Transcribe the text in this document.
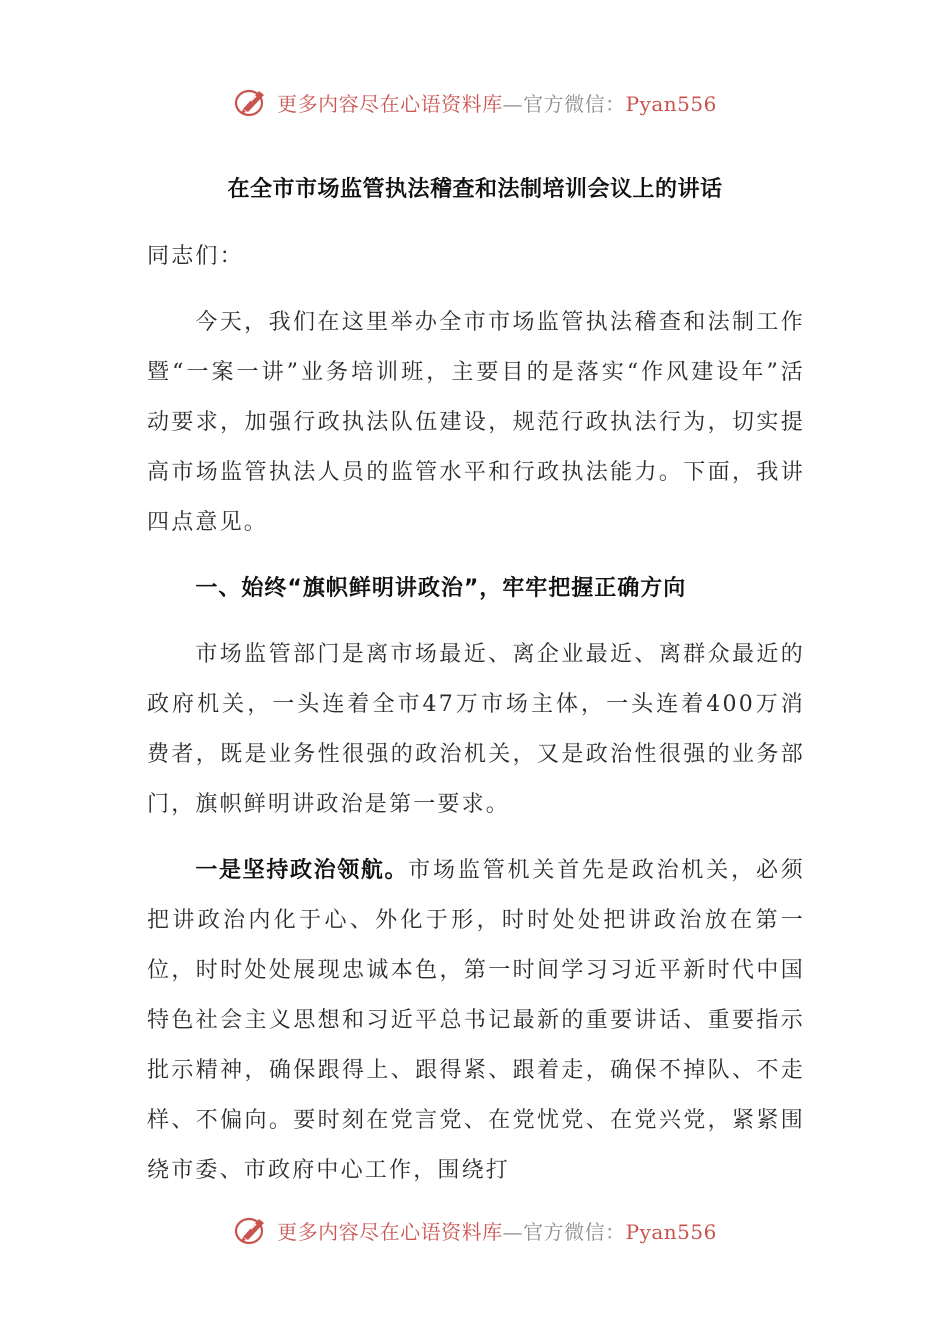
更多内容尽在心语资料库—官方微信：Pyan556
在全市市场监管执法稽查和法制培训会议上的讲话

同志们：

今天，我们在这里举办全市市场监管执法稽查和法制工作暨“一案一讲”业务培训班，主要目的是落实“作风建设年”活动要求，加强行政执法队伍建设，规范行政执法行为，切实提高市场监管执法人员的监管水平和行政执法能力。下面，我讲四点意见。

一、始终“旗帜鲜明讲政治”，牢牢把握正确方向

市场监管部门是离市场最近、离企业最近、离群众最近的政府机关，一头连着全市47万市场主体，一头连着400万消费者，既是业务性很强的政治机关，又是政治性很强的业务部门，旗帜鲜明讲政治是第一要求。

一是坚持政治领航。市场监管机关首先是政治机关，必须把讲政治内化于心、外化于形，时时处处把讲政治放在第一位，时时处处展现忠诚本色，第一时间学习习近平新时代中国特色社会主义思想和习近平总书记最新的重要讲话、重要指示批示精神，确保跟得上、跟得紧、跟着走，确保不掉队、不走样、不偏向。要时刻在党言党、在党忧党、在党兴党，紧紧围绕市委、市政府中心工作，围绕打

更多内容尽在心语资料库—官方微信：Pyan556
